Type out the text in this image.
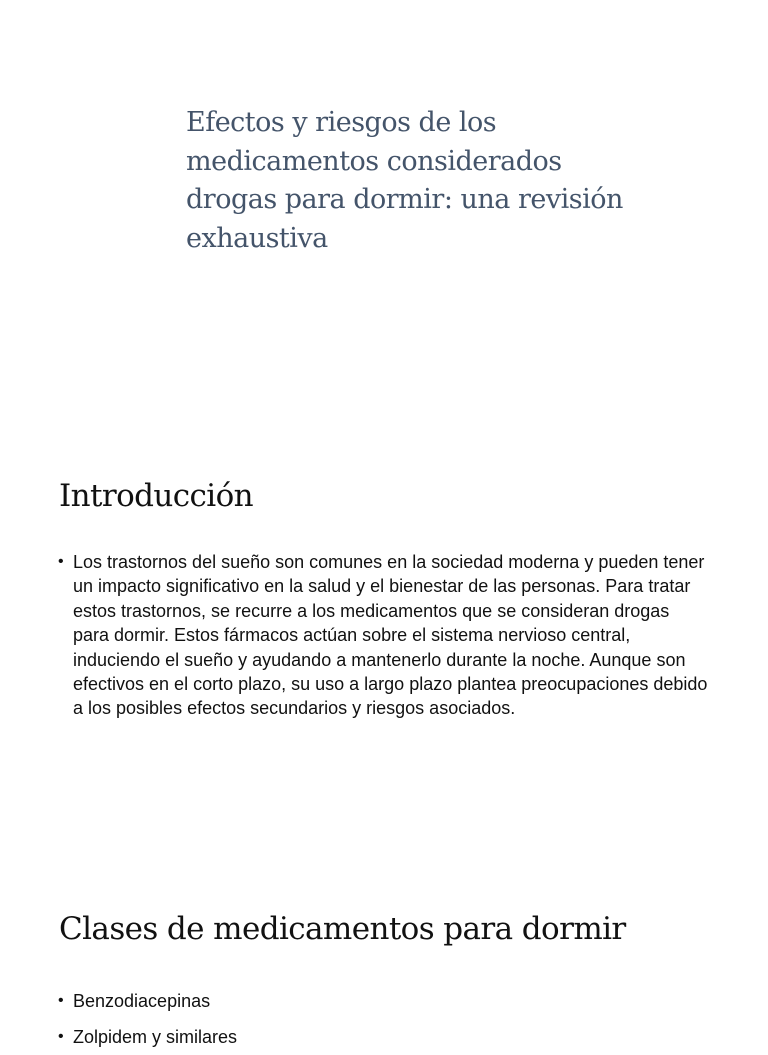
Efectos y riesgos de los medicamentos considerados drogas para dormir: una revisión exhaustiva
Introducción
• Los trastornos del sueño son comunes en la sociedad moderna y pueden tener un impacto significativo en la salud y el bienestar de las personas. Para tratar estos trastornos, se recurre a los medicamentos que se consideran drogas para dormir. Estos fármacos actúan sobre el sistema nervioso central, induciendo el sueño y ayudando a mantenerlo durante la noche. Aunque son efectivos en el corto plazo, su uso a largo plazo plantea preocupaciones debido a los posibles efectos secundarios y riesgos asociados.
Clases de medicamentos para dormir
• Benzodiacepinas
• Zolpidem y similares
